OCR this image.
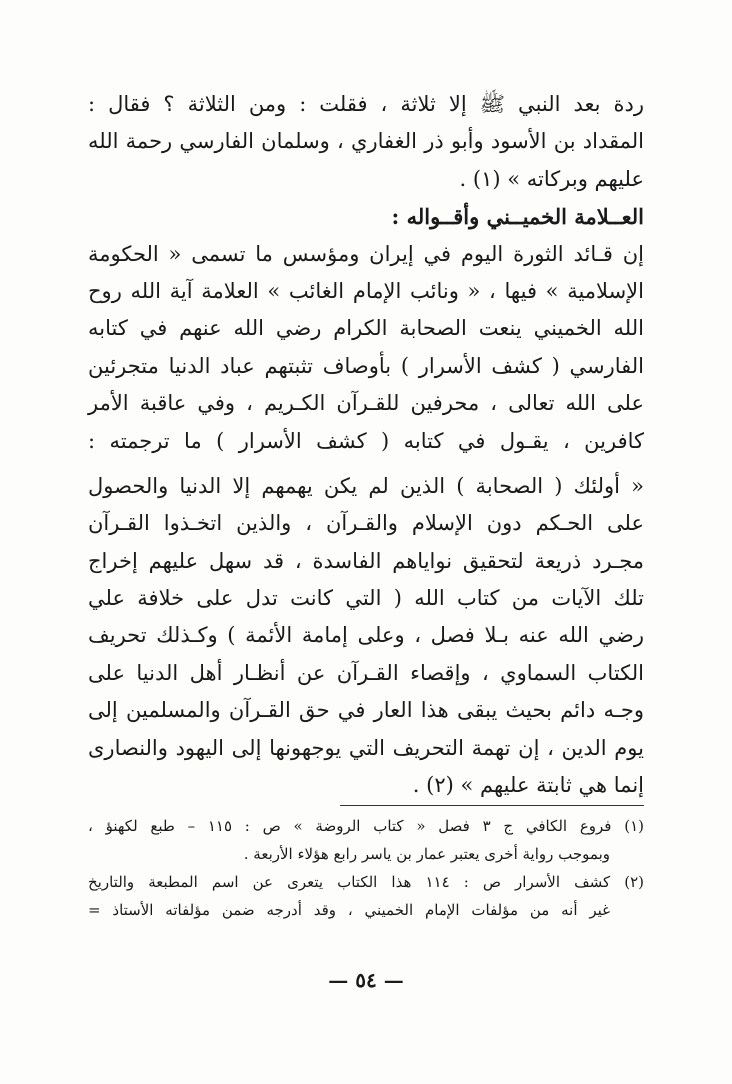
ردة بعد النبي ﷺ إلا ثلاثة ، فقلت : ومن الثلاثة ؟ فقال :
المقداد بن الأسود وأبو ذر الغفاري ، وسلمان الفارسي رحمة الله
عليهم وبركاته » (١) .
العــلامة الخميــني وأقــواله :
إن قـائد الثورة اليوم في إيران ومؤسس ما تسمى « الحكومة
الإسلامية » فيها ، « ونائب الإمام الغائب » العلامة آية الله روح
الله الخميني ينعت الصحابة الكرام رضي الله عنهم في كتابه
الفارسي ( كشف الأسرار ) بأوصاف تثبتهم عباد الدنيا متجرئين
على الله تعالى ، محرفين للقـرآن الكـريم ، وفي عاقبة الأمر
كافرين ، يقـول في كتابه ( كشف الأسرار ) ما ترجمته :
« أولئك ( الصحابة ) الذين لم يكن يهمهم إلا الدنيا والحصول
على الحـكم دون الإسلام والقـرآن ، والذين اتخـذوا القـرآن
مجـرد ذريعة لتحقيق نواياهم الفاسدة ، قد سهل عليهم إخراج
تلك الآيات من كتاب الله ( التي كانت تدل على خلافة علي
رضي الله عنه بـلا فصل ، وعلى إمامة الأئمة ) وكـذلك تحريف
الكتاب السماوي ، وإقصاء القـرآن عن أنظـار أهل الدنيا على
وجـه دائم بحيث يبقى هذا العار في حق القـرآن والمسلمين إلى
يوم الدين ، إن تهمة التحريف التي يوجهونها إلى اليهود والنصارى
إنما هي ثابتة عليهم » (٢) .
(١) فروع الكافي ج ٣ فصل « كتاب الروضة » ص : ١١٥ – طبع لكهنؤ ،
وبموجب رواية أخرى يعتبر عمار بن ياسر رابع هؤلاء الأربعة .
(٢) كشف الأسرار ص : ١١٤ هذا الكتاب يتعرى عن اسم المطبعة والتاريخ
غير أنه من مؤلفات الإمام الخميني ، وقد أدرجه ضمن مؤلفاته الأستاذ =
— ٥٤ —
